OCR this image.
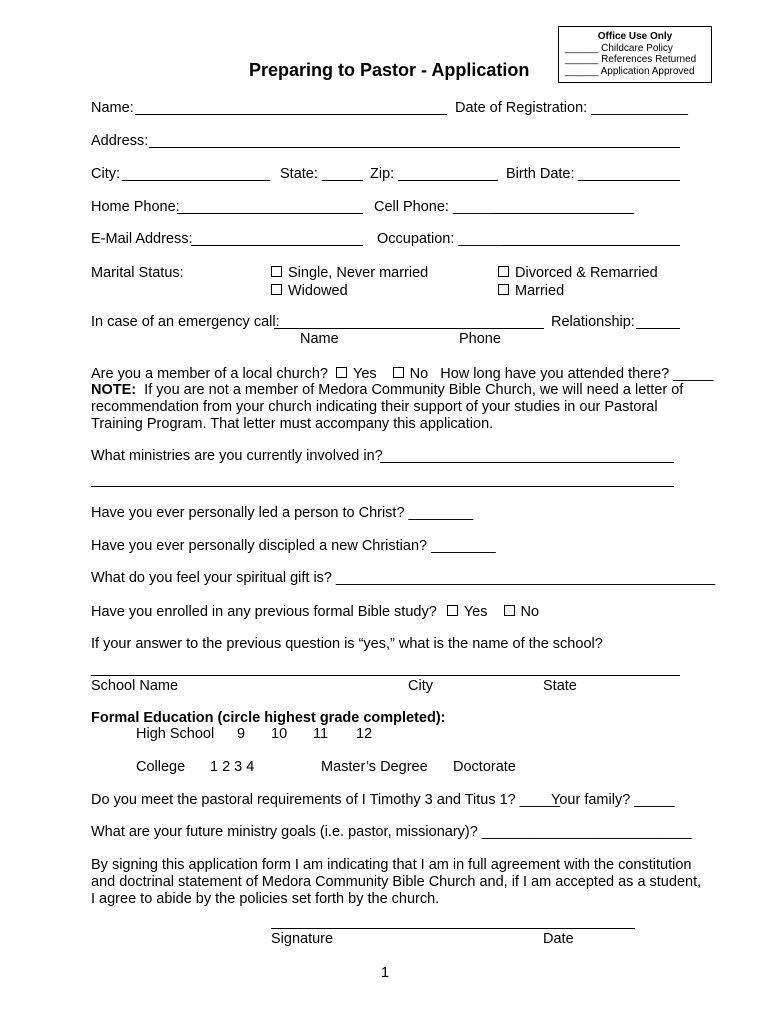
Office Use Only
______ Childcare Policy
______ References Returned
______ Application Approved
Preparing to Pastor - Application
Name:	Date of Registration: ____________
Address:
City:	State:	Zip:	Birth Date:
Home Phone:	Cell Phone: ______
E-Mail Address:	Occupation: ______
Marital Status:	Single, Never married
Widowed
Divorced & Remarried
Married
In case of an emergency call:	Relationship:
Name	Phone
Are you a member of a local church? Yes No How long have you attended there? _____
NOTE: If you are not a member of Medora Community Bible Church, we will need a letter of
recommendation from your church indicating their support of your studies in our Pastoral
Training Program. That letter must accompany this application.
What ministries are you currently involved in?
Have you ever personally led a person to Christ? ________
Have you ever personally discipled a new Christian? ________
What do you feel your spiritual gift is? _______________________________________________
Have you enrolled in any previous formal Bible study? Yes No
If your answer to the previous question is “yes,” what is the name of the school?
School Name	City	State
Formal Education (circle highest grade completed):
High School 9 10 11 12
College 1 2 3 4	Master’s Degree Doctorate
Do you meet the pastoral requirements of I Timothy 3 and Titus 1? _____
Your family? _____
What are your future ministry goals (i.e. pastor, missionary)? __________________________
By signing this application form I am indicating that I am in full agreement with the constitution
and doctrinal statement of Medora Community Bible Church and, if I am accepted as a student,
I agree to abide by the policies set forth by the church.
Signature	Date
1
